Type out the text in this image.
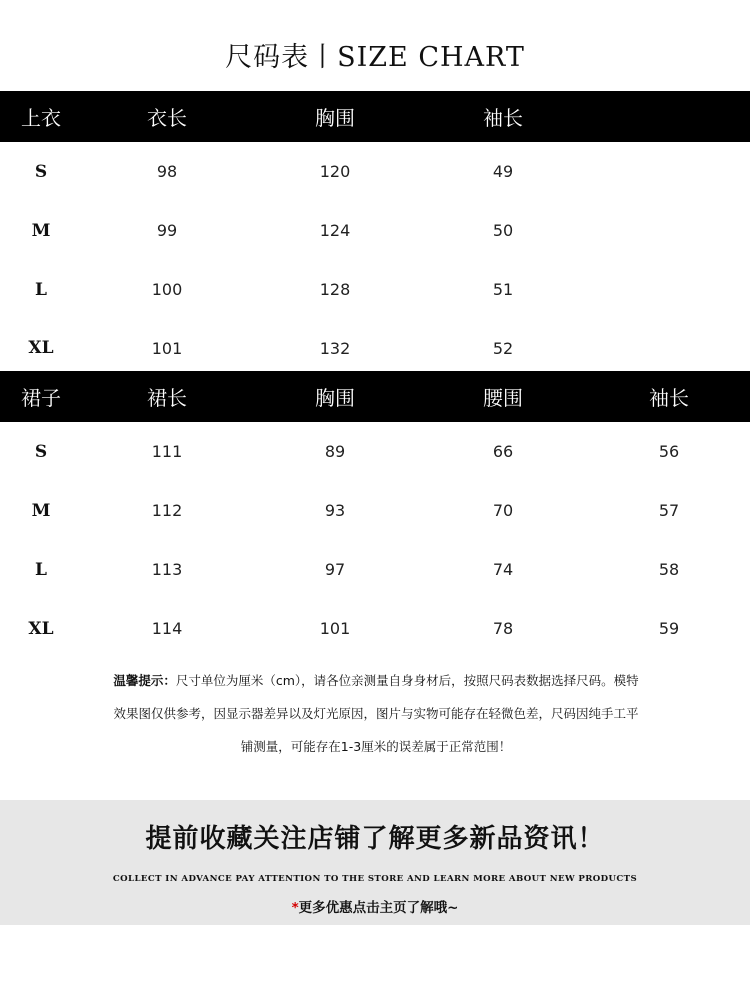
尺码表丨SIZE CHART
上衣	衣长	胸围	袖长	
S	98	120	49	
M	99	124	50	
L	100	128	51	
XL	101	132	52	
裙子	裙长	胸围	腰围	袖长
S	111	89	66	56
M	112	93	70	57
L	113	97	74	58
XL	114	101	78	59
温馨提示：尺寸单位为厘米（cm），请各位亲测量自身身材后，按照尺码表数据选择尺码。模特
效果图仅供参考，因显示器差异以及灯光原因，图片与实物可能存在轻微色差，尺码因纯手工平
铺测量，可能存在1-3厘米的误差属于正常范围！
提前收藏关注店铺了解更多新品资讯！
COLLECT IN ADVANCE PAY ATTENTION TO THE STORE AND LEARN MORE ABOUT NEW PRODUCTS
*更多优惠点击主页了解哦~
